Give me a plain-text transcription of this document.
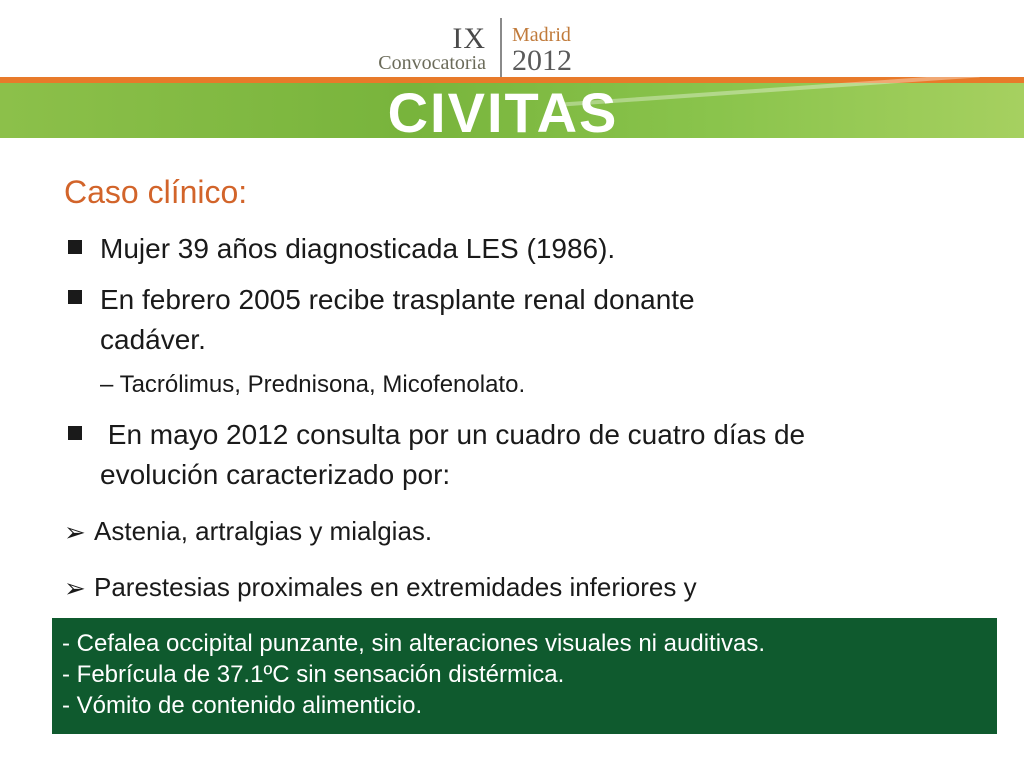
IX
Convocatoria
Madrid
2012
CIVITAS
Caso clínico:
Mujer 39 años diagnosticada LES (1986).
En febrero 2005 recibe trasplante renal donante
cadáver.
En mayo 2012 consulta por un cuadro de cuatro días de
evolución caracterizado por:
– Tacrólimus, Prednisona, Micofenolato.
➢ Astenia, artralgias y mialgias.
➢ Parestesias proximales en extremidades inferiores y
- Cefalea occipital punzante, sin alteraciones visuales ni auditivas.
- Febrícula de 37.1ºC sin sensación distérmica.
- Vómito de contenido alimenticio.
